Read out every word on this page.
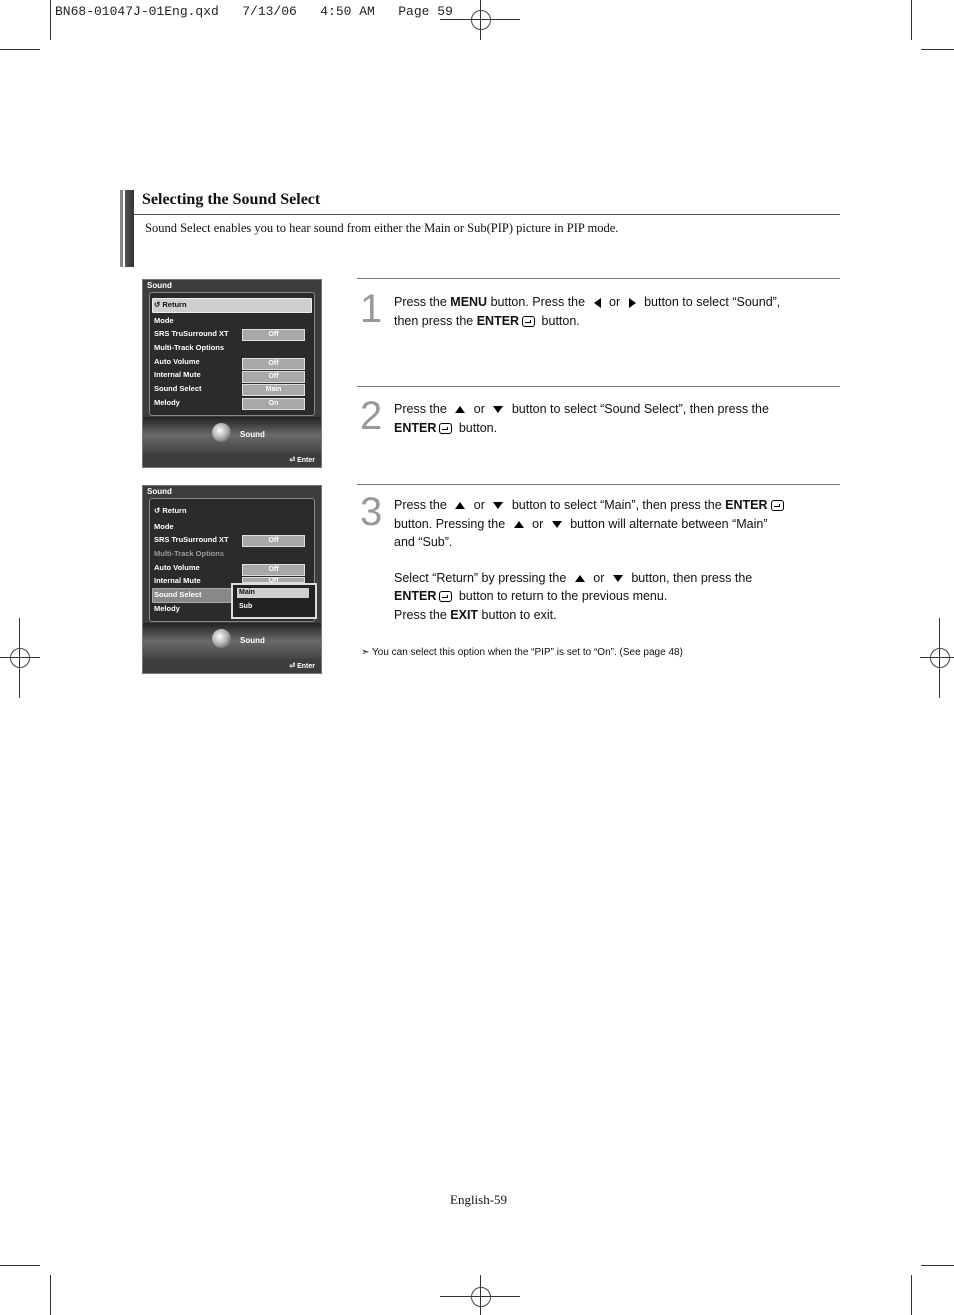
BN68-01047J-01Eng.qxd   7/13/06   4:50 AM   Page 59
Selecting the Sound Select
Sound Select enables you to hear sound from either the Main or Sub(PIP) picture in PIP mode.
Sound
↺ Return
Mode
SRS TruSurround XT	Off
Multi-Track Options
Auto Volume	Off
Internal Mute	Off
Sound Select	Main
Melody	On
Sound
⏎ Enter
Sound
↺ Return
Mode
SRS TruSurround XT	Off
Multi-Track Options
Auto Volume	Off
Internal Mute	Off
Sound Select
Melody
Main
Sub
Sound
⏎ Enter
1 Press the MENU button. Press the  or  button to select “Sound”,
then press the ENTER button.
2 Press the  or  button to select “Sound Select”, then press the
ENTER button.
3 Press the  or  button to select “Main”, then press the ENTER
button. Pressing the  or  button will alternate between “Main”
and “Sub”.

Select “Return” by pressing the  or  button, then press the
ENTER button to return to the previous menu.
Press the EXIT button to exit.
➣ You can select this option when the “PIP” is set to “On”. (See page 48)
English-59
